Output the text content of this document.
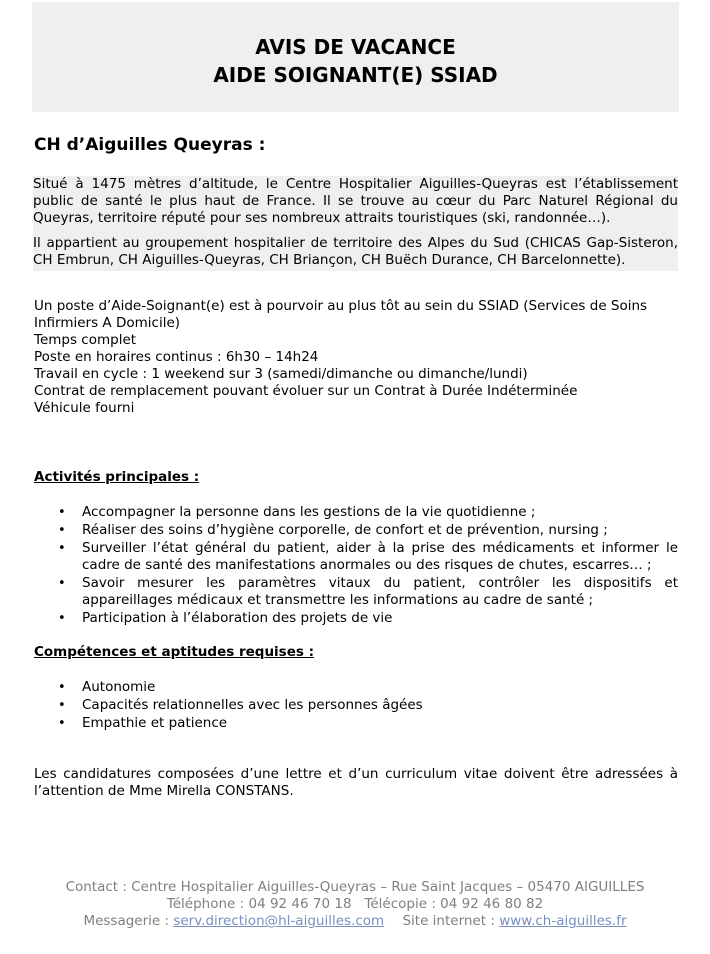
AVIS DE VACANCE
AIDE SOIGNANT(E) SSIAD
CH d’Aiguilles Queyras :

Situé à 1475 mètres d’altitude, le Centre Hospitalier Aiguilles-Queyras est l’établissement public de santé le plus haut de France. Il se trouve au cœur du Parc Naturel Régional du Queyras, territoire réputé pour ses nombreux attraits touristiques (ski, randonnée…).

Il appartient au groupement hospitalier de territoire des Alpes du Sud (CHICAS Gap-Sisteron, CH Embrun, CH Aiguilles-Queyras, CH Briançon, CH Buëch Durance, CH Barcelonnette).

Un poste d’Aide-Soignant(e) est à pourvoir au plus tôt au sein du SSIAD (Services de Soins Infirmiers A Domicile)
Temps complet
Poste en horaires continus : 6h30 – 14h24
Travail en cycle : 1 weekend sur 3 (samedi/dimanche ou dimanche/lundi)
Contrat de remplacement pouvant évoluer sur un Contrat à Durée Indéterminée
Véhicule fourni
Activités principales :
• Accompagner la personne dans les gestions de la vie quotidienne ;
• Réaliser des soins d’hygiène corporelle, de confort et de prévention, nursing ;
• Surveiller l’état général du patient, aider à la prise des médicaments et informer le cadre de santé des manifestations anormales ou des risques de chutes, escarres… ;
• Savoir mesurer les paramètres vitaux du patient, contrôler les dispositifs et appareillages médicaux et transmettre les informations au cadre de santé ;
• Participation à l’élaboration des projets de vie
Compétences et aptitudes requises :
• Autonomie
• Capacités relationnelles avec les personnes âgées
• Empathie et patience
Les candidatures composées d’une lettre et d’un curriculum vitae doivent être adressées à l’attention de Mme Mirella CONSTANS.
Contact : Centre Hospitalier Aiguilles-Queyras – Rue Saint Jacques – 05470 AIGUILLES
Téléphone : 04 92 46 70 18   Télécopie : 04 92 46 80 82
Messagerie : serv.direction@hl-aiguilles.com Site internet : www.ch-aiguilles.fr
